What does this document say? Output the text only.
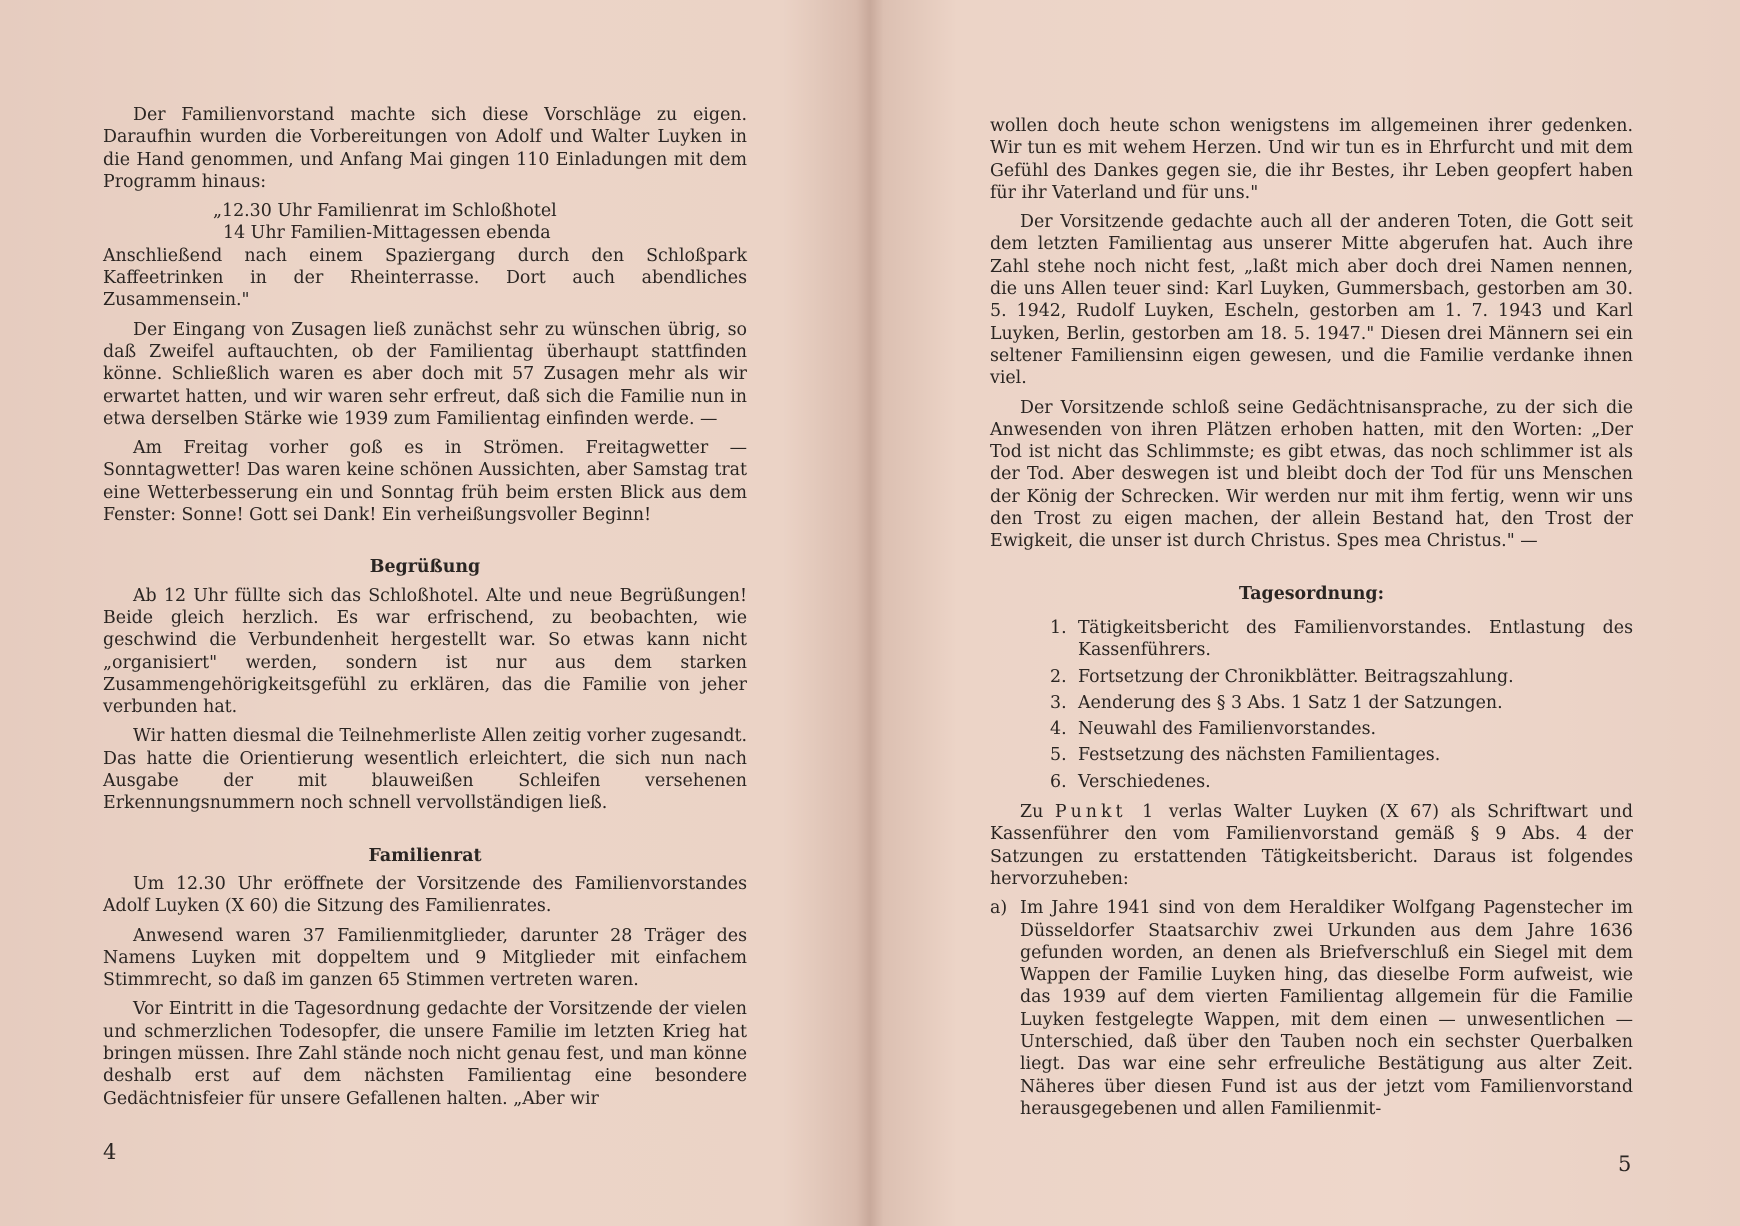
Der Familienvorstand machte sich diese Vorschläge zu eigen. Daraufhin wurden die Vorbereitungen von Adolf und Walter Luyken in die Hand genommen, und Anfang Mai gingen 110 Einladungen mit dem Programm hinaus:

„12.30 Uhr Familienrat im Schloßhotel
14 Uhr Familien-Mittagessen ebenda

Anschließend nach einem Spaziergang durch den Schloßpark Kaffeetrinken in der Rheinterrasse. Dort auch abendliches Zusammensein."

Der Eingang von Zusagen ließ zunächst sehr zu wünschen übrig, so daß Zweifel auftauchten, ob der Familientag überhaupt stattfinden könne. Schließlich waren es aber doch mit 57 Zusagen mehr als wir erwartet hatten, und wir waren sehr erfreut, daß sich die Familie nun in etwa derselben Stärke wie 1939 zum Familientag einfinden werde. —

Am Freitag vorher goß es in Strömen. Freitagwetter — Sonntagwetter! Das waren keine schönen Aussichten, aber Samstag trat eine Wetterbesserung ein und Sonntag früh beim ersten Blick aus dem Fenster: Sonne! Gott sei Dank! Ein verheißungsvoller Beginn!

Begrüßung

Ab 12 Uhr füllte sich das Schloßhotel. Alte und neue Begrüßungen! Beide gleich herzlich. Es war erfrischend, zu beobachten, wie geschwind die Verbundenheit hergestellt war. So etwas kann nicht „organisiert" werden, sondern ist nur aus dem starken Zusammengehörigkeitsgefühl zu erklären, das die Familie von jeher verbunden hat.

Wir hatten diesmal die Teilnehmerliste Allen zeitig vorher zugesandt. Das hatte die Orientierung wesentlich erleichtert, die sich nun nach Ausgabe der mit blauweißen Schleifen versehenen Erkennungsnummern noch schnell vervollständigen ließ.

Familienrat

Um 12.30 Uhr eröffnete der Vorsitzende des Familienvorstandes Adolf Luyken (X 60) die Sitzung des Familienrates.

Anwesend waren 37 Familienmitglieder, darunter 28 Träger des Namens Luyken mit doppeltem und 9 Mitglieder mit einfachem Stimmrecht, so daß im ganzen 65 Stimmen vertreten waren.

Vor Eintritt in die Tagesordnung gedachte der Vorsitzende der vielen und schmerzlichen Todesopfer, die unsere Familie im letzten Krieg hat bringen müssen. Ihre Zahl stände noch nicht genau fest, und man könne deshalb erst auf dem nächsten Familientag eine besondere Gedächtnisfeier für unsere Gefallenen halten. „Aber wir

4

wollen doch heute schon wenigstens im allgemeinen ihrer gedenken. Wir tun es mit wehem Herzen. Und wir tun es in Ehrfurcht und mit dem Gefühl des Dankes gegen sie, die ihr Bestes, ihr Leben geopfert haben für ihr Vaterland und für uns."

Der Vorsitzende gedachte auch all der anderen Toten, die Gott seit dem letzten Familientag aus unserer Mitte abgerufen hat. Auch ihre Zahl stehe noch nicht fest, „laßt mich aber doch drei Namen nennen, die uns Allen teuer sind: Karl Luyken, Gummersbach, gestorben am 30. 5. 1942, Rudolf Luyken, Escheln, gestorben am 1. 7. 1943 und Karl Luyken, Berlin, gestorben am 18. 5. 1947." Diesen drei Männern sei ein seltener Familiensinn eigen gewesen, und die Familie verdanke ihnen viel.

Der Vorsitzende schloß seine Gedächtnisansprache, zu der sich die Anwesenden von ihren Plätzen erhoben hatten, mit den Worten: „Der Tod ist nicht das Schlimmste; es gibt etwas, das noch schlimmer ist als der Tod. Aber deswegen ist und bleibt doch der Tod für uns Menschen der König der Schrecken. Wir werden nur mit ihm fertig, wenn wir uns den Trost zu eigen machen, der allein Bestand hat, den Trost der Ewigkeit, die unser ist durch Christus. Spes mea Christus." —

Tagesordnung:
1. Tätigkeitsbericht des Familienvorstandes. Entlastung des Kassenführers.
2. Fortsetzung der Chronikblätter. Beitragszahlung.
3. Aenderung des § 3 Abs. 1 Satz 1 der Satzungen.
4. Neuwahl des Familienvorstandes.
5. Festsetzung des nächsten Familientages.
6. Verschiedenes.

Zu Punkt 1 verlas Walter Luyken (X 67) als Schriftwart und Kassenführer den vom Familienvorstand gemäß § 9 Abs. 4 der Satzungen zu erstattenden Tätigkeitsbericht. Daraus ist folgendes hervorzuheben:

a) Im Jahre 1941 sind von dem Heraldiker Wolfgang Pagenstecher im Düsseldorfer Staatsarchiv zwei Urkunden aus dem Jahre 1636 gefunden worden, an denen als Briefverschluß ein Siegel mit dem Wappen der Familie Luyken hing, das dieselbe Form aufweist, wie das 1939 auf dem vierten Familientag allgemein für die Familie Luyken festgelegte Wappen, mit dem einen — unwesentlichen — Unterschied, daß über den Tauben noch ein sechster Querbalken liegt. Das war eine sehr erfreuliche Bestätigung aus alter Zeit. Näheres über diesen Fund ist aus der jetzt vom Familienvorstand herausgegebenen und allen Familienmit-
5
